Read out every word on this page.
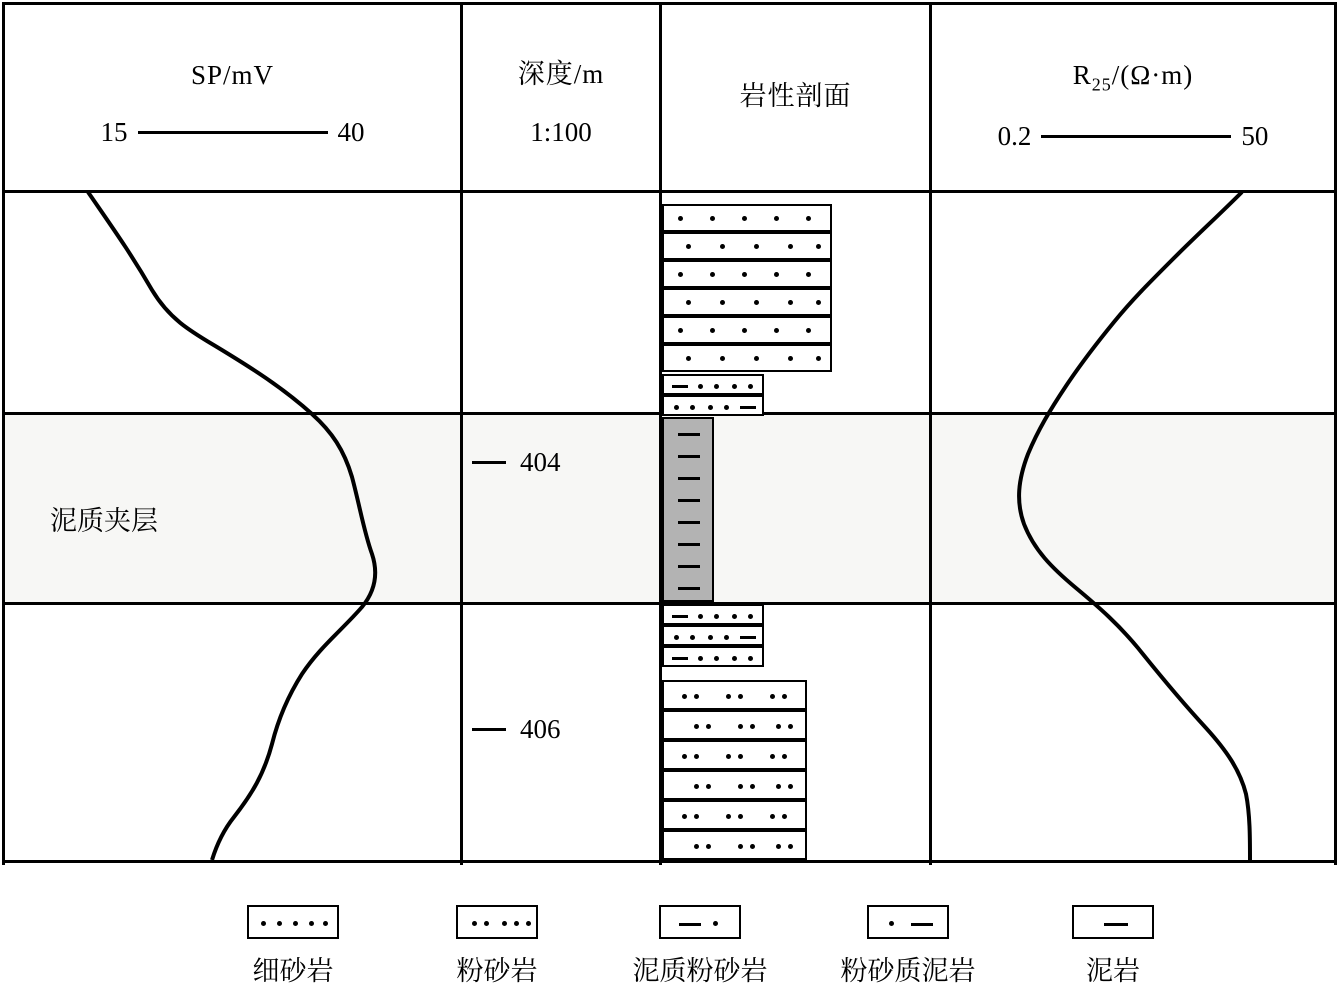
SP/mV
15	40
深度/m
1:100
岩性剖面
$R_{25}/(\Omega\cdot m)$
0.2	50
泥质夹层
404
406
细砂岩	粉砂岩	泥质粉砂岩	粉砂质泥岩	泥岩
